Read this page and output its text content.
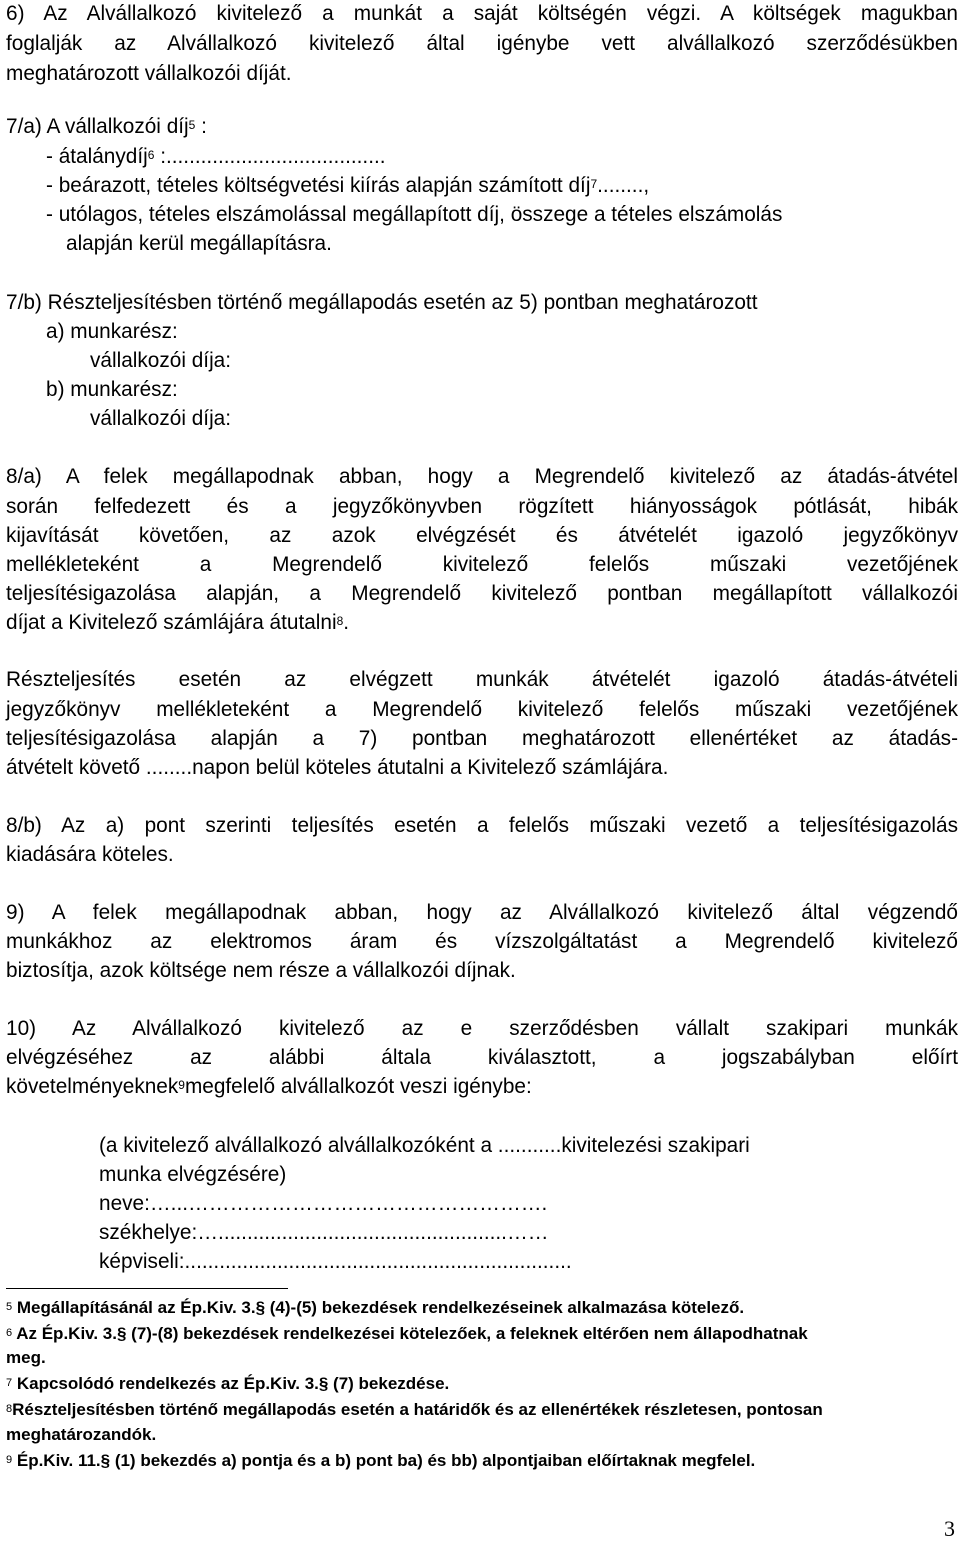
6) Az Alvállalkozó kivitelező a munkát a saját költségén végzi. A költségek magukban
foglalják az Alvállalkozó kivitelező által igénybe vett alvállalkozó szerződésükben
meghatározott vállalkozói díját.
7/a) A vállalkozói díj$^5$ :
- átalánydíj$^6$ :......................................
- beárazott, tételes költségvetési kiírás alapján számított díj$^7$........,
- utólagos, tételes elszámolással megállapított díj, összege a tételes elszámolás
alapján kerül megállapításra.
7/b) Részteljesítésben történő megállapodás esetén az 5) pontban meghatározott
a) munkarész:
vállalkozói díja:
b) munkarész:
vállalkozói díja:
8/a) A felek megállapodnak abban, hogy a Megrendelő kivitelező az átadás-átvétel
során felfedezett és a jegyzőkönyvben rögzített hiányosságok pótlását, hibák
kijavítását követően, az azok elvégzését és átvételét igazoló jegyzőkönyv
mellékleteként a Megrendelő kivitelező felelős műszaki vezetőjének
teljesítésigazolása alapján, a Megrendelő kivitelező pontban megállapított vállalkozói
díjat a Kivitelező számlájára átutalni$^8$.
Részteljesítés esetén az elvégzett munkák átvételét igazoló átadás-átvételi
jegyzőkönyv mellékleteként a Megrendelő kivitelező felelős műszaki vezetőjének
teljesítésigazolása alapján a 7) pontban meghatározott ellenértéket az átadás-
átvételt követő ........napon belül köteles átutalni a Kivitelező számlájára.
8/b) Az a) pont szerinti teljesítés esetén a felelős műszaki vezető a teljesítésigazolás
kiadására köteles.
9) A felek megállapodnak abban, hogy az Alvállalkozó kivitelező által végzendő
munkákhoz az elektromos áram és vízszolgáltatást a Megrendelő kivitelező
biztosítja, azok költsége nem része a vállalkozói díjnak.
10) Az Alvállalkozó kivitelező az e szerződésben vállalt szakipari munkák
elvégzéséhez az alábbi általa kiválasztott, a jogszabályban előírt
követelményeknek$^9$megfelelő alvállalkozót veszi igénybe:
(a kivitelező alvállalkozó alvállalkozóként a ...........kivitelezési szakipari
munka elvégzésére)
neve:…...…………………………………………….
székhelye:…..................................................……
képviseli:...................................................................
$^5$ Megállapításánál az Ép.Kiv. 3.§ (4)-(5) bekezdések rendelkezéseinek alkalmazása kötelező.
$^6$ Az Ép.Kiv. 3.§ (7)-(8) bekezdések rendelkezései kötelezőek, a feleknek eltérően nem állapodhatnak
meg.
$^7$ Kapcsolódó rendelkezés az Ép.Kiv. 3.§ (7) bekezdése.
$^8$Részteljesítésben történő megállapodás esetén a határidők és az ellenértékek részletesen, pontosan
meghatározandók.
$^9$ Ép.Kiv. 11.§ (1) bekezdés a) pontja és a b) pont ba) és bb) alpontjaiban előírtaknak megfelel.
3
